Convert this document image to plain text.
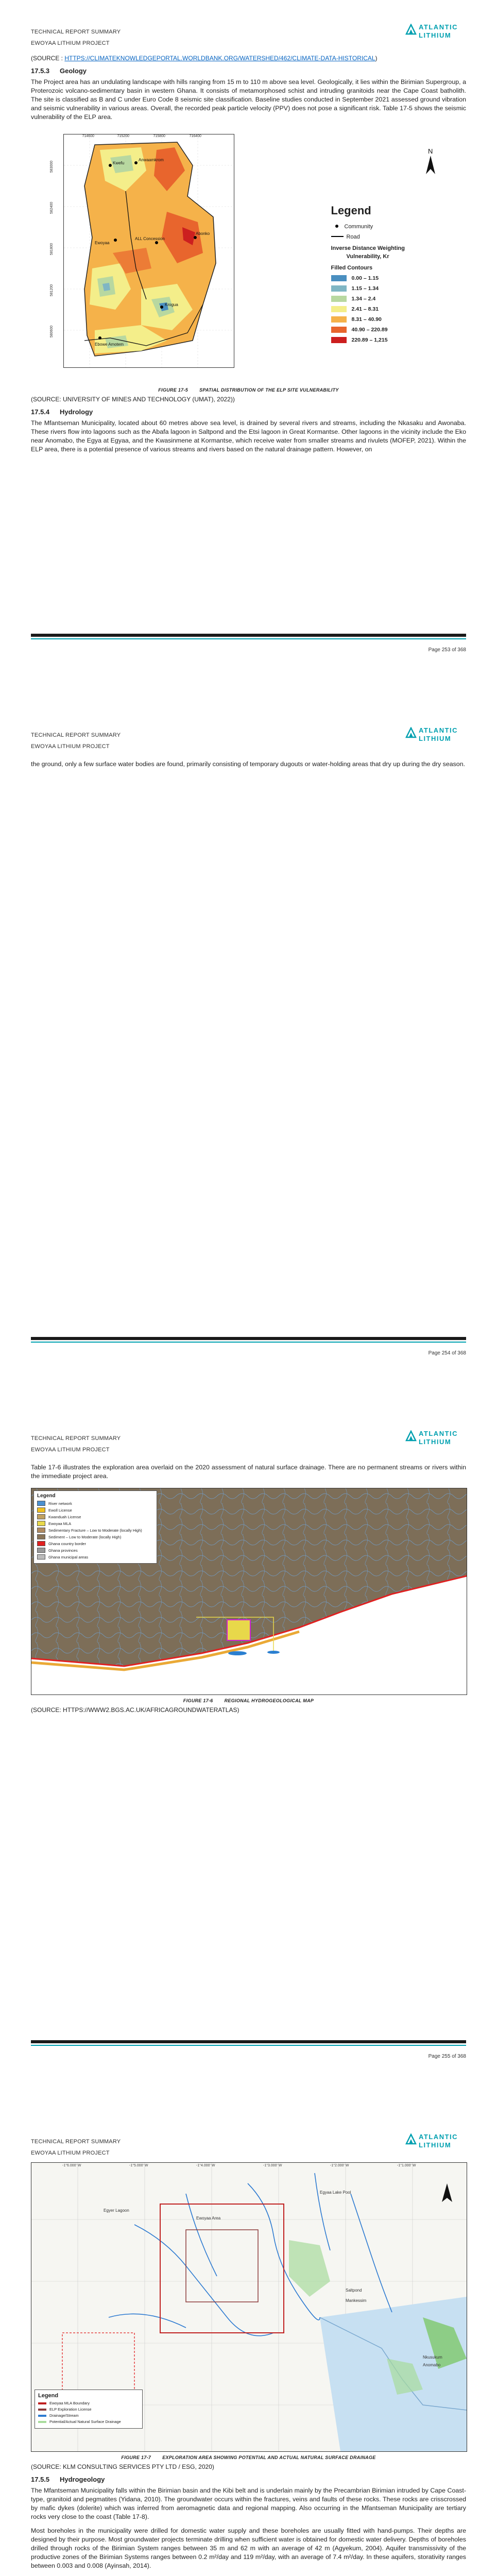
TECHNICAL REPORT SUMMARY
EWOYAA LITHIUM PROJECT
ATLANTIC
LITHIUM
(SOURCE : HTTPS://CLIMATEKNOWLEDGEPORTAL.WORLDBANK.ORG/WATERSHED/462/CLIMATE-DATA-HISTORICAL)
17.5.3 Geology

The Project area has an undulating landscape with hills ranging from 15 m to 110 m above sea level. Geologically, it lies within the Birimian Supergroup, a Proterozoic volcano-sedimentary basin in western Ghana. It consists of metamorphosed schist and intruding granitoids near the Cape Coast batholith. The site is classified as B and C under Euro Code 8 seismic site classification. Baseline studies conducted in September 2021 assessed ground vibration and seismic vulnerability in various areas. Overall, the recorded peak particle velocity (PPV) does not pose a significant risk. Table 17-5 shows the seismic vulnerability of the ELP area.

Kwefu
Anwaamkrom
Ewoyaa
ALL Concession
Abonko
Krogua
Ebowe Amotem
714600	715200	715800	716400
583000
582400
581800
581200
580600
N
Legend
Community
Road
Inverse Distance Weighting
Vulnerability, Kr
Filled Contours
0.00 – 1.15
1.15 – 1.34
1.34 – 2.4
2.41 – 8.31
8.31 – 40.90
40.90 – 220.89
220.89 – 1,215
FIGURE 17-5 SPATIAL DISTRIBUTION OF THE ELP SITE VULNERABILITY
(SOURCE: UNIVERSITY OF MINES AND TECHNOLOGY (UMAT), 2022))
17.5.4 Hydrology

The Mfantseman Municipality, located about 60 metres above sea level, is drained by several rivers and streams, including the Nkasaku and Awonaba. These rivers flow into lagoons such as the Abafa lagoon in Saltpond and the Etsi lagoon in Great Kormantse. Other lagoons in the vicinity include the Eko near Anomabo, the Egya at Egyaa, and the Kwasinmene at Kormantse, which receive water from smaller streams and rivulets (MOFEP, 2021). Within the ELP area, there is a potential presence of various streams and rivers based on the natural drainage pattern. However, on

Page 253 of 368
TECHNICAL REPORT SUMMARY
EWOYAA LITHIUM PROJECT
ATLANTIC
LITHIUM

the ground, only a few surface water bodies are found, primarily consisting of temporary dugouts or water-holding areas that dry up during the dry season.

Page 254 of 368
TECHNICAL REPORT SUMMARY
EWOYAA LITHIUM PROJECT
ATLANTIC
LITHIUM

Table 17-6 illustrates the exploration area overlaid on the 2020 assessment of natural surface drainage. There are no permanent streams or rivers within the immediate project area.

Legend
River network
Ewoll License
Kwanduah License
Ewoyaa MLA
Sedimentary Fracture – Low to Moderate (locally High)
Sediment – Low to Moderate (locally High)
Ghana country border
Ghana provinces
Ghana municipal areas
FIGURE 17-6 REGIONAL HYDROGEOLOGICAL MAP
(SOURCE: HTTPS://WWW2.BGS.AC.UK/AFRICAGROUNDWATERATLAS)
Page 255 of 368
TECHNICAL REPORT SUMMARY
EWOYAA LITHIUM PROJECT
ATLANTIC
LITHIUM
Egyaa Lake Pool
Egyer Lagoon
Ewoyaa Area
Saltpond
Mankessim
Nkusukum
Anomabo
-1°6.000' W	-1°5.000' W	-1°4.000' W	-1°3.000' W	-1°2.000' W	-1°1.000' W
Legend
Ewoyaa MLA Boundary
ELP Exploration License
Drainage/Stream
Potential/Actual Natural Surface Drainage
FIGURE 17-7 EXPLORATION AREA SHOWING POTENTIAL AND ACTUAL NATURAL SURFACE DRAINAGE
(SOURCE: KLM CONSULTING SERVICES PTY LTD / ESG, 2020)
17.5.5 Hydrogeology

The Mfantseman Municipality falls within the Birimian basin and the Kibi belt and is underlain mainly by the Precambrian Birimian intruded by Cape Coast-type, granitoid and pegmatites (Yidana, 2010). The groundwater occurs within the fractures, veins and faults of these rocks. These rocks are crisscrossed by mafic dykes (dolerite) which was inferred from aeromagnetic data and regional mapping. Also occurring in the Mfantseman Municipality are tertiary rocks very close to the coast (Table 17-8).

Most boreholes in the municipality were drilled for domestic water supply and these boreholes are usually fitted with hand-pumps. Their depths are designed by their purpose. Most groundwater projects terminate drilling when sufficient water is obtained for domestic water delivery. Depths of boreholes drilled through rocks of the Birimian System ranges between 35 m and 62 m with an average of 42 m (Agyekum, 2004). Aquifer transmissivity of the productive zones of the Birimian Systems ranges between 0.2 m²/day and 119 m²/day, with an average of 7.4 m²/day. In these aquifers, storativity ranges between 0.003 and 0.008 (Ayinsah, 2014).
